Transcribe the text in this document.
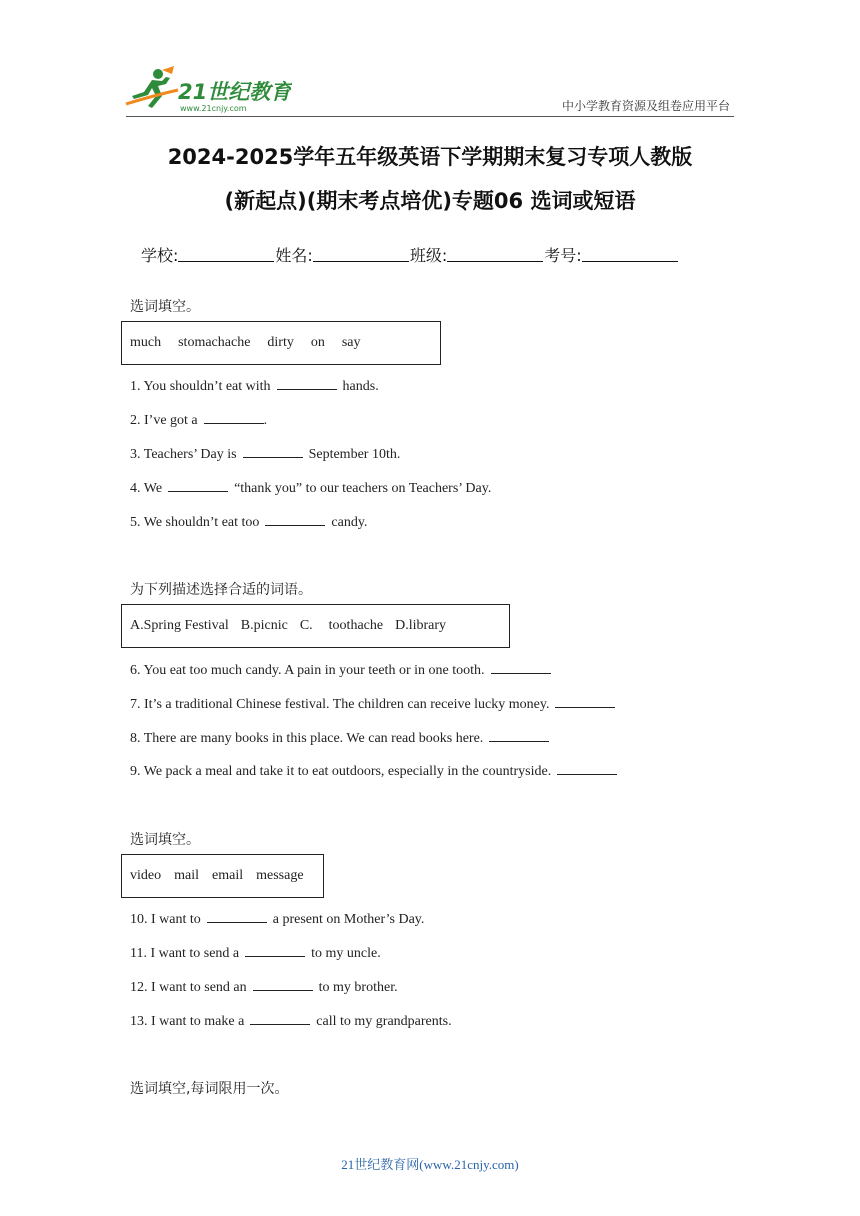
21世纪教育
www.21cnjy.com	中小学教育资源及组卷应用平台
2024-2025学年五年级英语下学期期末复习专项人教版
(新起点)(期末考点培优)专题06 选词或短语
学校:	姓名:	班级:	考号:
选词填空。
much stomachache dirty on say
1. You shouldn’t eat with	hands.
2. I’ve got a	.
3. Teachers’ Day is	September 10th.
4. We	“thank you” to our teachers on Teachers’ Day.
5. We shouldn’t eat too	candy.
为下列描述选择合适的词语。
A.Spring Festival B.picnic C. toothache D.library
6. You eat too much candy. A pain in your teeth or in one tooth.
7. It’s a traditional Chinese festival. The children can receive lucky money.
8. There are many books in this place. We can read books here.
9. We pack a meal and take it to eat outdoors, especially in the countryside.
选词填空。
video mail email message
10. I want to	a present on Mother’s Day.
11. I want to send a	to my uncle.
12. I want to send an	to my brother.
13. I want to make a	call to my grandparents.
选词填空,每词限用一次。
21世纪教育网(www.21cnjy.com)
